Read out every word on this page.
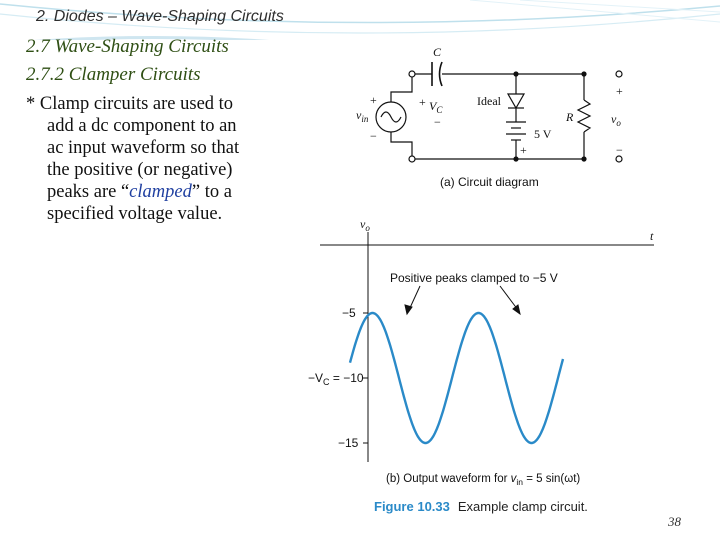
2. Diodes – Wave-Shaping Circuits
2.7 Wave-Shaping Circuits
2.7.2 Clamper Circuits
* Clamp circuits are used to
add a dc component to an
ac input waveform so that
the positive (or negative)
peaks are “clamped” to a
specified voltage value.
C
+ $V_C$
−
+
$v_{in}$
−
Ideal
5 V
+
R
+
$v_o$
−
(a) Circuit diagram
$v_o$
t
Positive peaks clamped to −5 V
−5
$-V_C = -10$
−15
(b) Output waveform for $v_{in} = 5$ sin(ωt)
Figure 10.33 Example clamp circuit.
38
